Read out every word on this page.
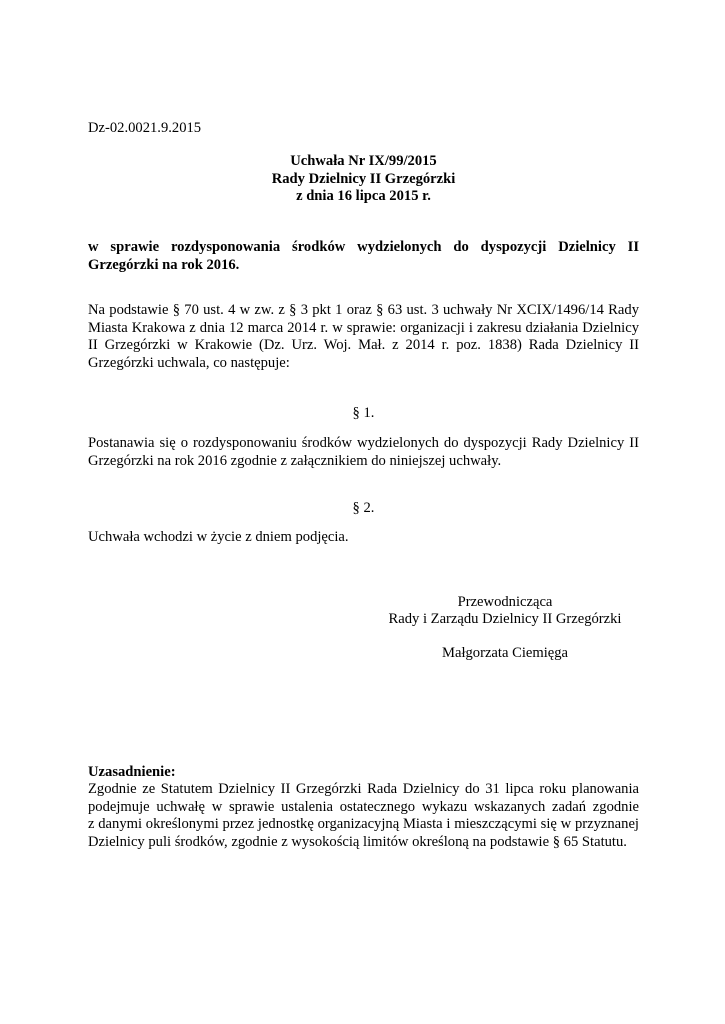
Dz-02.0021.9.2015

Uchwała Nr IX/99/2015
Rady Dzielnicy II Grzegórzki
z dnia 16 lipca 2015 r.
w sprawie rozdysponowania środków wydzielonych do dyspozycji Dzielnicy II
Grzegórzki na rok 2016.
Na podstawie § 70 ust. 4 w zw. z § 3 pkt 1 oraz § 63 ust. 3 uchwały Nr XCIX/1496/14 Rady
Miasta Krakowa z dnia 12 marca 2014 r. w sprawie: organizacji i zakresu działania Dzielnicy
II Grzegórzki w Krakowie (Dz. Urz. Woj. Mał. z 2014 r. poz. 1838) Rada Dzielnicy II
Grzegórzki uchwala, co następuje:

§ 1.

Postanawia się o rozdysponowaniu środków wydzielonych do dyspozycji Rady Dzielnicy II
Grzegórzki na rok 2016 zgodnie z załącznikiem do niniejszej uchwały.

§ 2.

Uchwała wchodzi w życie z dniem podjęcia.

Przewodnicząca

Rady i Zarządu Dzielnicy II Grzegórzki

Małgorzata Ciemięga

Uzasadnienie:

Zgodnie ze Statutem Dzielnicy II Grzegórzki Rada Dzielnicy do 31 lipca roku planowania
podejmuje uchwałę w sprawie ustalenia ostatecznego wykazu wskazanych zadań zgodnie
z danymi określonymi przez jednostkę organizacyjną Miasta i mieszczącymi się w przyznanej
Dzielnicy puli środków, zgodnie z wysokością limitów określoną na podstawie § 65 Statutu.
